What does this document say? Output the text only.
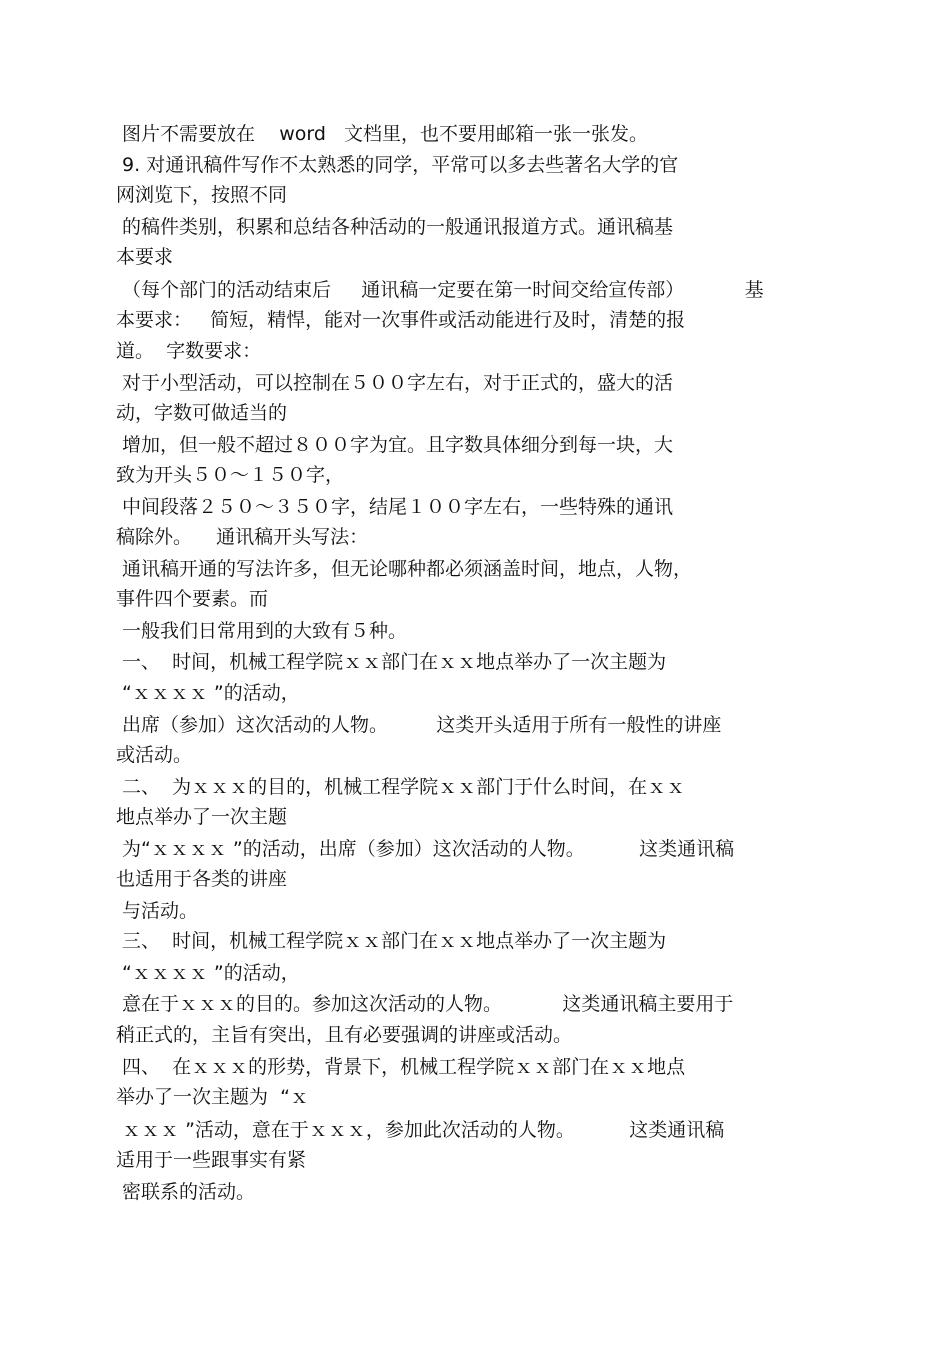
图片不需要放在    word   文档里，也不要用邮箱一张一张发。
9. 对通讯稿件写作不太熟悉的同学，平常可以多去些著名大学的官
网浏览下，按照不同
的稿件类别，积累和总结各种活动的一般通讯报道方式。通讯稿基
本要求
（每个部门的活动结束后     通讯稿一定要在第一时间交给宣传部）          基
本要求：   简短，精悍，能对一次事件或活动能进行及时，清楚的报
道。  字数要求：
对于小型活动，可以控制在５００字左右，对于正式的，盛大的活
动，字数可做适当的
增加，但一般不超过８００字为宜。且字数具体细分到每一块，大
致为开头５０～１５０字，
中间段落２５０～３５０字，结尾１００字左右，一些特殊的通讯
稿除外。    通讯稿开头写法：
通讯稿开通的写法许多，但无论哪种都必须涵盖时间，地点，人物，
事件四个要素。而
一般我们日常用到的大致有５种。
一、  时间，机械工程学院ｘｘ部门在ｘｘ地点举办了一次主题为
“ｘｘｘｘ ”的活动，
出席（参加）这次活动的人物。        这类开头适用于所有一般性的讲座
或活动。
二、  为ｘｘｘ的目的，机械工程学院ｘｘ部门于什么时间，在ｘｘ
地点举办了一次主题
为“ｘｘｘｘ ”的活动，出席（参加）这次活动的人物。         这类通讯稿
也适用于各类的讲座
与活动。
三、  时间，机械工程学院ｘｘ部门在ｘｘ地点举办了一次主题为
“ｘｘｘｘ ”的活动，
意在于ｘｘｘ的目的。参加这次活动的人物。          这类通讯稿主要用于
稍正式的，主旨有突出，且有必要强调的讲座或活动。
四、  在ｘｘｘ的形势，背景下，机械工程学院ｘｘ部门在ｘｘ地点
举办了一次主题为  “ｘ
ｘｘｘ ”活动，意在于ｘｘｘ，参加此次活动的人物。         这类通讯稿
适用于一些跟事实有紧
密联系的活动。
